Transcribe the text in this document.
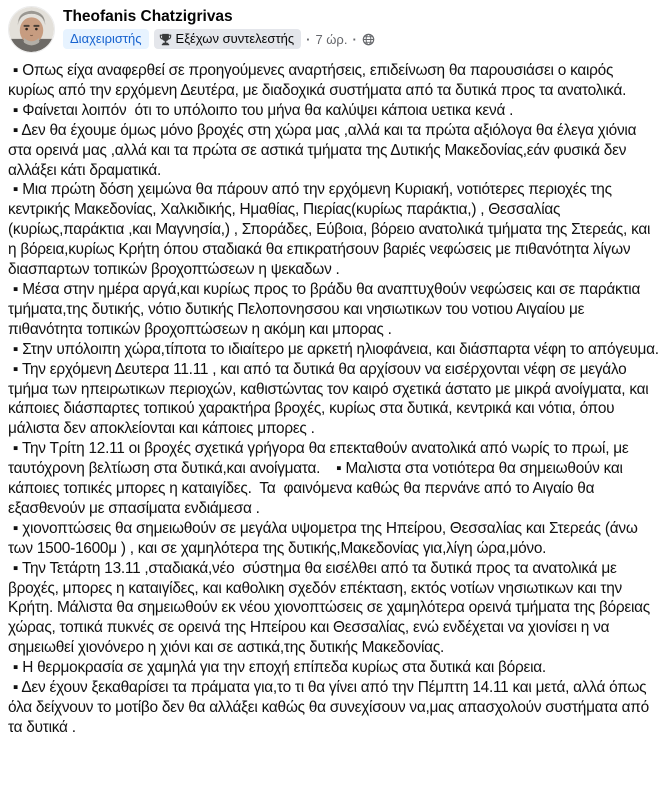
Theofanis Chatzigrivas
Διαχειριστής	Εξέχων συντελεστής · 7 ώρ. ·
▪ Οπως είχα αναφερθεί σε προηγούμενες αναρτήσεις, επιδείνωση θα παρουσιάσει ο καιρός κυρίως από την ερχόμενη Δευτέρα, με διαδοχικά συστήματα από τα δυτικά προς τα ανατολικά.
▪ Φαίνεται λοιπόν  ότι το υπόλοιπο του μήνα θα καλύψει κάποια υετικα κενά .
▪ Δεν θα έχουμε όμως μόνο βροχές στη χώρα μας ,αλλά και τα πρώτα αξιόλογα θα έλεγα χιόνια στα ορεινά μας ,αλλά και τα πρώτα σε αστικά τμήματα της Δυτικής Μακεδονίας,εάν φυσικά δεν αλλάξει κάτι δραματικά.
▪ Μια πρώτη δόση χειμώνα θα πάρουν από την ερχόμενη Κυριακή, νοτιότερες περιοχές της κεντρικής Μακεδονίας, Χαλκιδικής, Ημαθίας, Πιερίας(κυρίως παράκτια,) , Θεσσαλίας (κυρίως,παράκτια ,και Μαγνησία,) , Σποράδες, Εύβοια, βόρειο ανατολικά τμήματα της Στερεάς, και η βόρεια,κυρίως Κρήτη όπου σταδιακά θα επικρατήσουν βαριές νεφώσεις με πιθανότητα λίγων διασπαρτων τοπικών βροχοπτώσεων η ψεκαδων .
▪ Μέσα στην ημέρα αργά,και κυρίως προς το βράδυ θα αναπτυχθούν νεφώσεις και σε παράκτια τμήματα,της δυτικής, νότιο δυτικής Πελοπονησσου και νησιωτικων του νοτιου Αιγαίου με πιθανότητα τοπικών βροχοπτώσεων η ακόμη και μπορας .
▪ Στην υπόλοιπη χώρα,τίποτα το ιδιαίτερο με αρκετή ηλιοφάνεια, και διάσπαρτα νέφη το απόγευμα.
▪ Την ερχόμενη Δευτερα 11.11 , και από τα δυτικά θα αρχίσουν να εισέρχονται νέφη σε μεγάλο τμήμα των ηπειρωτικων περιοχών, καθιστώντας τον καιρό σχετικά άστατο με μικρά ανοίγματα, και κάποιες διάσπαρτες τοπικού χαρακτήρα βροχές, κυρίως στα δυτικά, κεντρικά και νότια, όπου μάλιστα δεν αποκλείονται και κάποιες μπορες .
▪ Την Τρίτη 12.11 οι βροχές σχετικά γρήγορα θα επεκταθούν ανατολικά από νωρίς το πρωί, με ταυτόχρονη βελτίωση στα δυτικά,και ανοίγματα.    ▪ Μαλιστα στα νοτιότερα θα σημειωθούν και κάποιες τοπικές μπορες η καταιγίδες.  Τα  φαινόμενα καθώς θα περνάνε από το Αιγαίο θα εξασθενούν με σπασίματα ενδιάμεσα .
▪ χιονοπτώσεις θα σημειωθούν σε μεγάλα υψομετρα της Ηπείρου, Θεσσαλίας και Στερεάς (άνω των 1500-1600μ ) , και σε χαμηλότερα της δυτικής,Μακεδονίας για,λίγη ώρα,μόνο.
▪ Την Τετάρτη 13.11 ,σταδιακά,νέο  σύστημα θα εισέλθει από τα δυτικά προς τα ανατολικά με βροχές, μπορες η καταιγίδες, και καθολικη σχεδόν επέκταση, εκτός νοτίων νησιωτικων και την Κρήτη. Μάλιστα θα σημειωθούν εκ νέου χιονοπτώσεις σε χαμηλότερα ορεινά τμήματα της βόρειας χώρας, τοπικά πυκνές σε ορεινά της Ηπείρου και Θεσσαλίας, ενώ ενδέχεται να χιονίσει η να σημειωθεί χιονόνερο η χιόνι και σε αστικά,της δυτικής Μακεδονίας.
▪ Η θερμοκρασία σε χαμηλά για την εποχή επίπεδα κυρίως στα δυτικά και βόρεια.
▪ Δεν έχουν ξεκαθαρίσει τα πράματα για,το τι θα γίνει από την Πέμπτη 14.11 και μετά, αλλά όπως όλα δείχνουν το μοτίβο δεν θα αλλάξει καθώς θα συνεχίσουν να,μας απασχολούν συστήματα από τα δυτικά .
